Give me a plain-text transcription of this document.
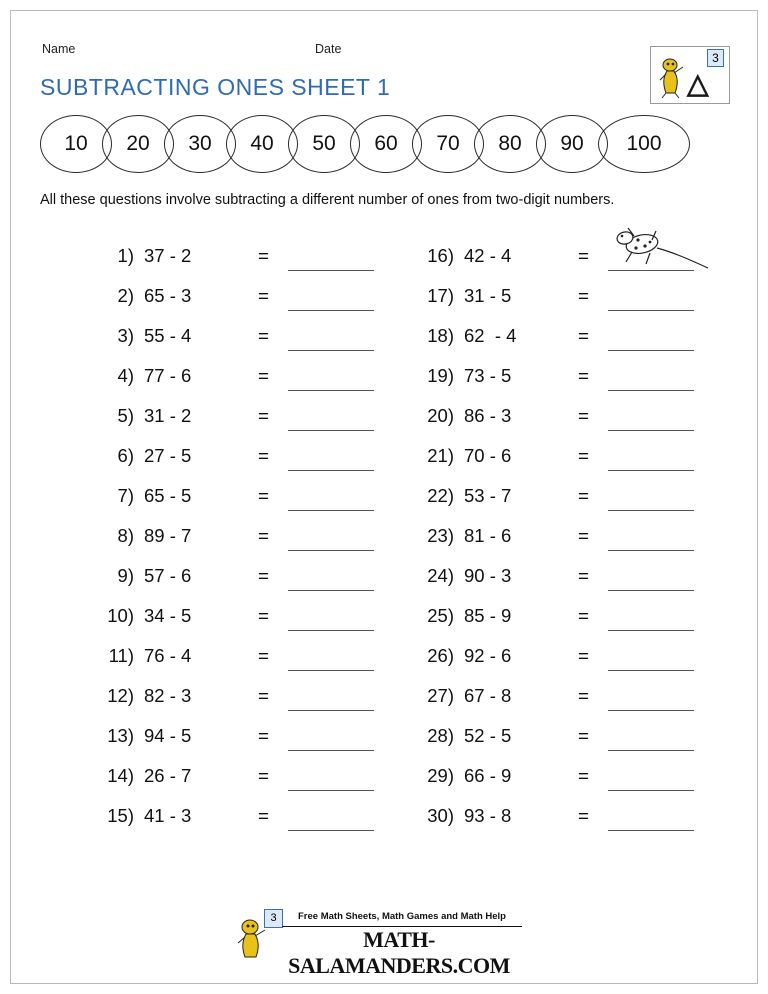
Name	Date
3
△
SUBTRACTING ONES SHEET 1
10	20	30	40	50	60	70	80	90	100
All these questions involve subtracting a different number of ones from two-digit numbers.
1) 37 - 2	=
2) 65 - 3	=
3) 55 - 4	=
4) 77 - 6	=
5) 31 - 2	=
6) 27 - 5	=
7) 65 - 5	=
8) 89 - 7	=
9) 57 - 6	=
10) 34 - 5	=
11) 76 - 4	=
12) 82 - 3	=
13) 94 - 5	=
14) 26 - 7	=
15) 41 - 3	=
16) 42 - 4	=
17) 31 - 5	=
18) 62  - 4	=
19) 73 - 5	=
20) 86 - 3	=
21) 70 - 6	=
22) 53 - 7	=
23) 81 - 6	=
24) 90 - 3	=
25) 85 - 9	=
26) 92 - 6	=
27) 67 - 8	=
28) 52 - 5	=
29) 66 - 9	=
30) 93 - 8	=
3	Free Math Sheets, Math Games and Math Help
MATH-SALAMANDERS.COM
